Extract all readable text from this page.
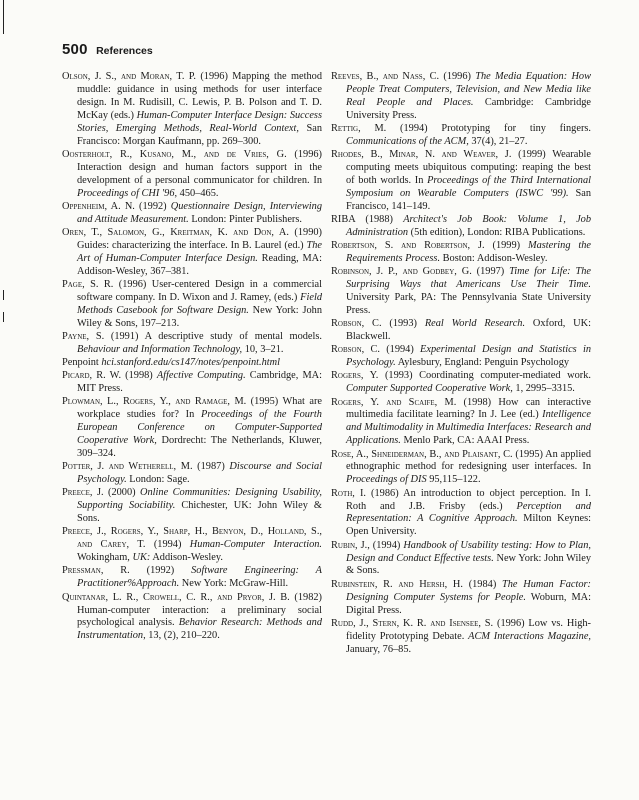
500 References

Olson, J. S., and Moran, T. P. (1996) Mapping the method muddle: guidance in using methods for user interface design. In M. Rudisill, C. Lewis, P. B. Polson and T. D. McKay (eds.) Human-Computer Interface Design: Success Stories, Emerging Methods, Real-World Context, San Francisco: Morgan Kaufmann, pp. 269–300.

Oosterholt, R., Kusano, M., and de Vries, G. (1996) Interaction design and human factors support in the development of a personal communicator for children. In Proceedings of CHI '96, 450–465.

Oppenheim, A. N. (1992) Questionnaire Design, Interviewing and Attitude Measurement. London: Pinter Publishers.

Oren, T., Salomon, G., Kreitman, K. and Don, A. (1990) Guides: characterizing the interface. In B. Laurel (ed.) The Art of Human-Computer Interface Design. Reading, MA: Addison-Wesley, 367–381.

Page, S. R. (1996) User-centered Design in a commercial software company. In D. Wixon and J. Ramey, (eds.) Field Methods Casebook for Software Design. New York: John Wiley & Sons, 197–213.

Payne, S. (1991) A descriptive study of mental models. Behaviour and Information Technology, 10, 3–21.

Penpoint hci.stanford.edu/cs147/notes/penpoint.html

Picard, R. W. (1998) Affective Computing. Cambridge, MA: MIT Press.

Plowman, L., Rogers, Y., and Ramage, M. (1995) What are workplace studies for? In Proceedings of the Fourth European Conference on Computer-Supported Cooperative Work, Dordrecht: The Netherlands, Kluwer, 309–324.

Potter, J. and Wetherell, M. (1987) Discourse and Social Psychology. London: Sage.

Preece, J. (2000) Online Communities: Designing Usability, Supporting Sociability. Chichester, UK: John Wiley & Sons.

Preece, J., Rogers, Y., Sharp, H., Benyon, D., Holland, S., and Carey, T. (1994) Human-Computer Interaction. Wokingham, UK: Addison-Wesley.

Pressman, R. (1992) Software Engineering: A Practitioner%Approach. New York: McGraw-Hill.

Quintanar, L. R., Crowell, C. R., and Pryor, J. B. (1982) Human-computer interaction: a preliminary social psychological analysis. Behavior Research: Methods and Instrumentation, 13, (2), 210–220.

Reeves, B., and Nass, C. (1996) The Media Equation: How People Treat Computers, Television, and New Media like Real People and Places. Cambridge: Cambridge University Press.

Rettig, M. (1994) Prototyping for tiny fingers. Communications of the ACM, 37(4), 21–27.

Rhodes, B., Minar, N. and Weaver, J. (1999) Wearable computing meets ubiquitous computing: reaping the best of both worlds. In Proceedings of the Third International Symposium on Wearable Computers (ISWC '99). San Francisco, 141–149.

RIBA (1988) Architect's Job Book: Volume 1, Job Administration (5th edition), London: RIBA Publications.

Robertson, S. and Robertson, J. (1999) Mastering the Requirements Process. Boston: Addison-Wesley.

Robinson, J. P., and Godbey, G. (1997) Time for Life: The Surprising Ways that Americans Use Their Time. University Park, PA: The Pennsylvania State University Press.

Robson, C. (1993) Real World Research. Oxford, UK: Blackwell.

Robson, C. (1994) Experimental Design and Statistics in Psychology. Aylesbury, England: Penguin Psychology

Rogers, Y. (1993) Coordinating computer-mediated work. Computer Supported Cooperative Work, 1, 2995–3315.

Rogers, Y. and Scaife, M. (1998) How can interactive multimedia facilitate learning? In J. Lee (ed.) Intelligence and Multimodality in Multimedia Interfaces: Research and Applications. Menlo Park, CA: AAAI Press.

Rose, A., Shneiderman, B., and Plaisant, C. (1995) An applied ethnographic method for redesigning user interfaces. In Proceedings of DIS 95,115–122.

Roth, I. (1986) An introduction to object perception. In I. Roth and J.B. Frisby (eds.) Perception and Representation: A Cognitive Approach. Milton Keynes: Open University.

Rubin, J., (1994) Handbook of Usability testing: How to Plan, Design and Conduct Effective tests. New York: John Wiley & Sons.

Rubinstein, R. and Hersh, H. (1984) The Human Factor: Designing Computer Systems for People. Woburn, MA: Digital Press.

Rudd, J., Stern, K. R. and Isensee, S. (1996) Low vs. High-fidelity Prototyping Debate. ACM Interactions Magazine, January, 76–85.
